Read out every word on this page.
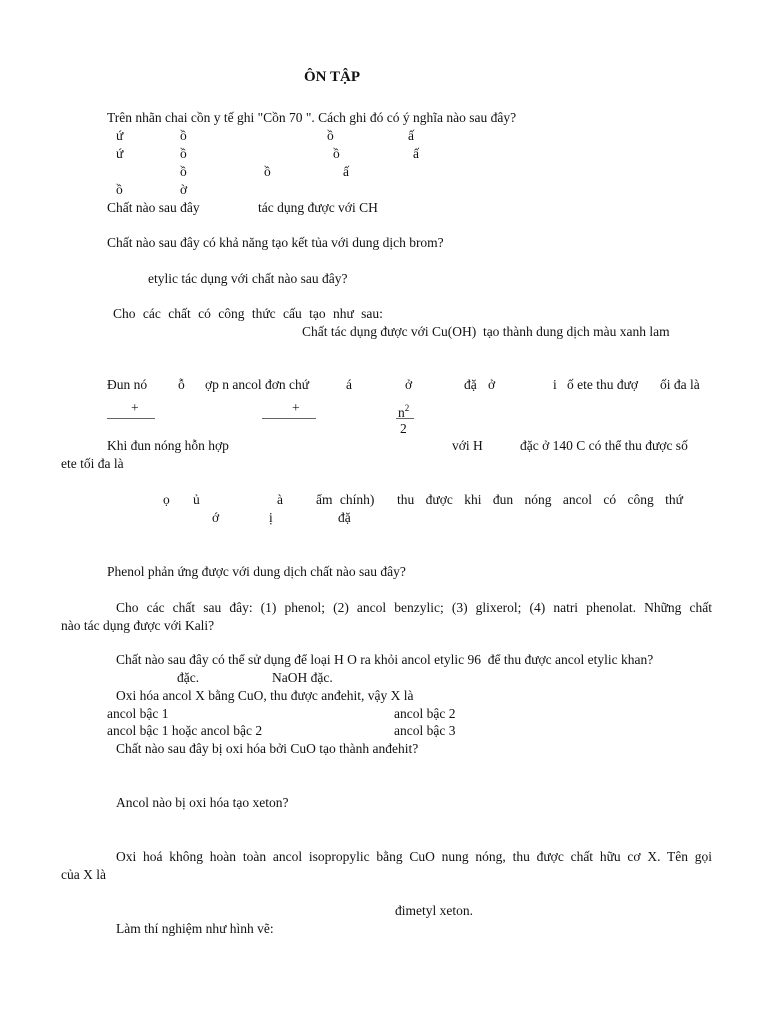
ÔN TẬP
Trên nhãn chai cồn y tế ghi "Cồn 70 ". Cách ghi đó có ý nghĩa nào sau đây?
ứ	ồ	ồ	ấ
ứ	ồ	ồ	ấ
ồ	ồ	ấ
ồ	ờ
Chất nào sau đây	tác dụng được với CH
Chất nào sau đây có khả năng tạo kết tủa với dung dịch brom?
etylic tác dụng với chất nào sau đây?
Cho các chất có công thức cấu tạo như sau:
Chất tác dụng được với Cu(OH)  tạo thành dung dịch màu xanh lam
Đun nó ỗ ợp n ancol đơn chứ	á	ở	đặ ở	i ố ete thu đượ ối đa là
+	+	$n^2$
2
Khi đun nóng hỗn hợp	với H	đặc ở 140 C có thể thu được số
ete tối đa là
ọ ủ	à ẩm chính) thu được khi đun nóng ancol có công thứ
ớ	ị	đặ
Phenol phản ứng được với dung dịch chất nào sau đây?
Cho các chất sau đây: (1) phenol; (2) ancol benzylic; (3) glixerol; (4) natri phenolat. Những chất
nào tác dụng được với Kali?
Chất nào sau đây có thể sử dụng để loại H O ra khỏi ancol etylic 96  để thu được ancol etylic khan?
đặc.	NaOH đặc.
Oxi hóa ancol X bằng CuO, thu được anđehit, vậy X là
ancol bậc 1	ancol bậc 2
ancol bậc 1 hoặc ancol bậc 2	ancol bậc 3
Chất nào sau đây bị oxi hóa bởi CuO tạo thành anđehit?
Ancol nào bị oxi hóa tạo xeton?
Oxi hoá không hoàn toàn ancol isopropylic bằng CuO nung nóng, thu được chất hữu cơ X. Tên gọi
của X là
đimetyl xeton.
Làm thí nghiệm như hình vẽ:
